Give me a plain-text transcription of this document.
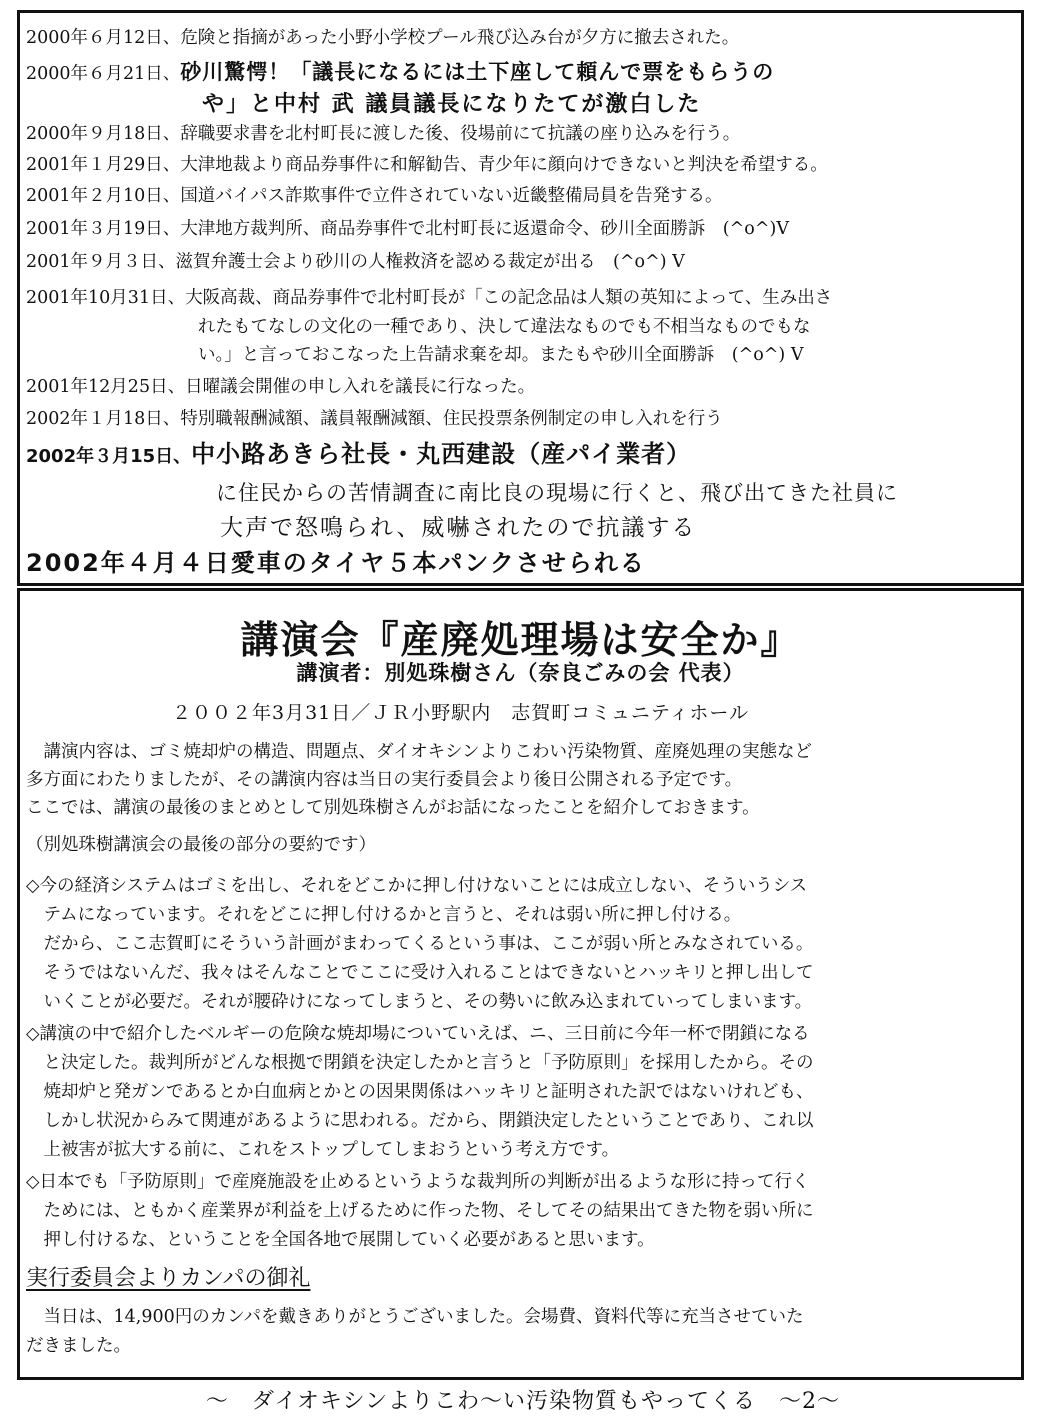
2000年６月12日、危険と指摘があった小野小学校プール飛び込み台が夕方に撤去された。
2000年６月21日、砂川驚愕！「議長になるには土下座して頼んで票をもらうの
や」と中村 武 議員議長になりたてが激白した
2000年９月18日、辞職要求書を北村町長に渡した後、役場前にて抗議の座り込みを行う。
2001年１月29日、大津地裁より商品券事件に和解勧告、青少年に顔向けできないと判決を希望する。
2001年２月10日、国道バイパス詐欺事件で立件されていない近畿整備局員を告発する。
2001年３月19日、大津地方裁判所、商品券事件で北村町長に返還命令、砂川全面勝訴　(^o^)V
2001年９月３日、滋賀弁護士会より砂川の人権救済を認める裁定が出る　(^o^) V
2001年10月31日、大阪高裁、商品券事件で北村町長が「この記念品は人類の英知によって、生み出さ
れたもてなしの文化の一種であり、決して違法なものでも不相当なものでもな
い。」と言っておこなった上告請求棄を却。またもや砂川全面勝訴　(^o^) V
2001年12月25日、日曜議会開催の申し入れを議長に行なった。
2002年１月18日、特別職報酬減額、議員報酬減額、住民投票条例制定の申し入れを行う
2002年３月15日、中小路あきら社長・丸西建設（産パイ業者）
に住民からの苦情調査に南比良の現場に行くと、飛び出てきた社員に
大声で怒鳴られ、威嚇されたので抗議する
2002年４月４日愛車のタイヤ５本パンクさせられる
講演会『産廃処理場は安全か』
講演者：別処珠樹さん（奈良ごみの会 代表）
２００２年3月31日／ＪＲ小野駅内　志賀町コミュニティホール
　講演内容は、ゴミ焼却炉の構造、問題点、ダイオキシンよりこわい汚染物質、産廃処理の実態など
多方面にわたりましたが、その講演内容は当日の実行委員会より後日公開される予定です。
ここでは、講演の最後のまとめとして別処珠樹さんがお話になったことを紹介しておきます。
（別処珠樹講演会の最後の部分の要約です）
◇今の経済システムはゴミを出し、それをどこかに押し付けないことには成立しない、そういうシス
　テムになっています。それをどこに押し付けるかと言うと、それは弱い所に押し付ける。
　だから、ここ志賀町にそういう計画がまわってくるという事は、ここが弱い所とみなされている。
　そうではないんだ、我々はそんなことでここに受け入れることはできないとハッキリと押し出して
　いくことが必要だ。それが腰砕けになってしまうと、その勢いに飲み込まれていってしまいます。
◇講演の中で紹介したベルギーの危険な焼却場についていえば、ニ、三日前に今年一杯で閉鎖になる
　と決定した。裁判所がどんな根拠で閉鎖を決定したかと言うと「予防原則」を採用したから。その
　焼却炉と発ガンであるとか白血病とかとの因果関係はハッキリと証明された訳ではないけれども、
　しかし状況からみて関連があるように思われる。だから、閉鎖決定したということであり、これ以
　上被害が拡大する前に、これをストップしてしまおうという考え方です。
◇日本でも「予防原則」で産廃施設を止めるというような裁判所の判断が出るような形に持って行く
　ためには、ともかく産業界が利益を上げるために作った物、そしてその結果出てきた物を弱い所に
　押し付けるな、ということを全国各地で展開していく必要があると思います。
実行委員会よりカンパの御礼
　当日は、14,900円のカンパを戴きありがとうございました。会場費、資料代等に充当させていた
だきました。
〜　ダイオキシンよりこわ〜い汚染物質もやってくる　〜2〜
